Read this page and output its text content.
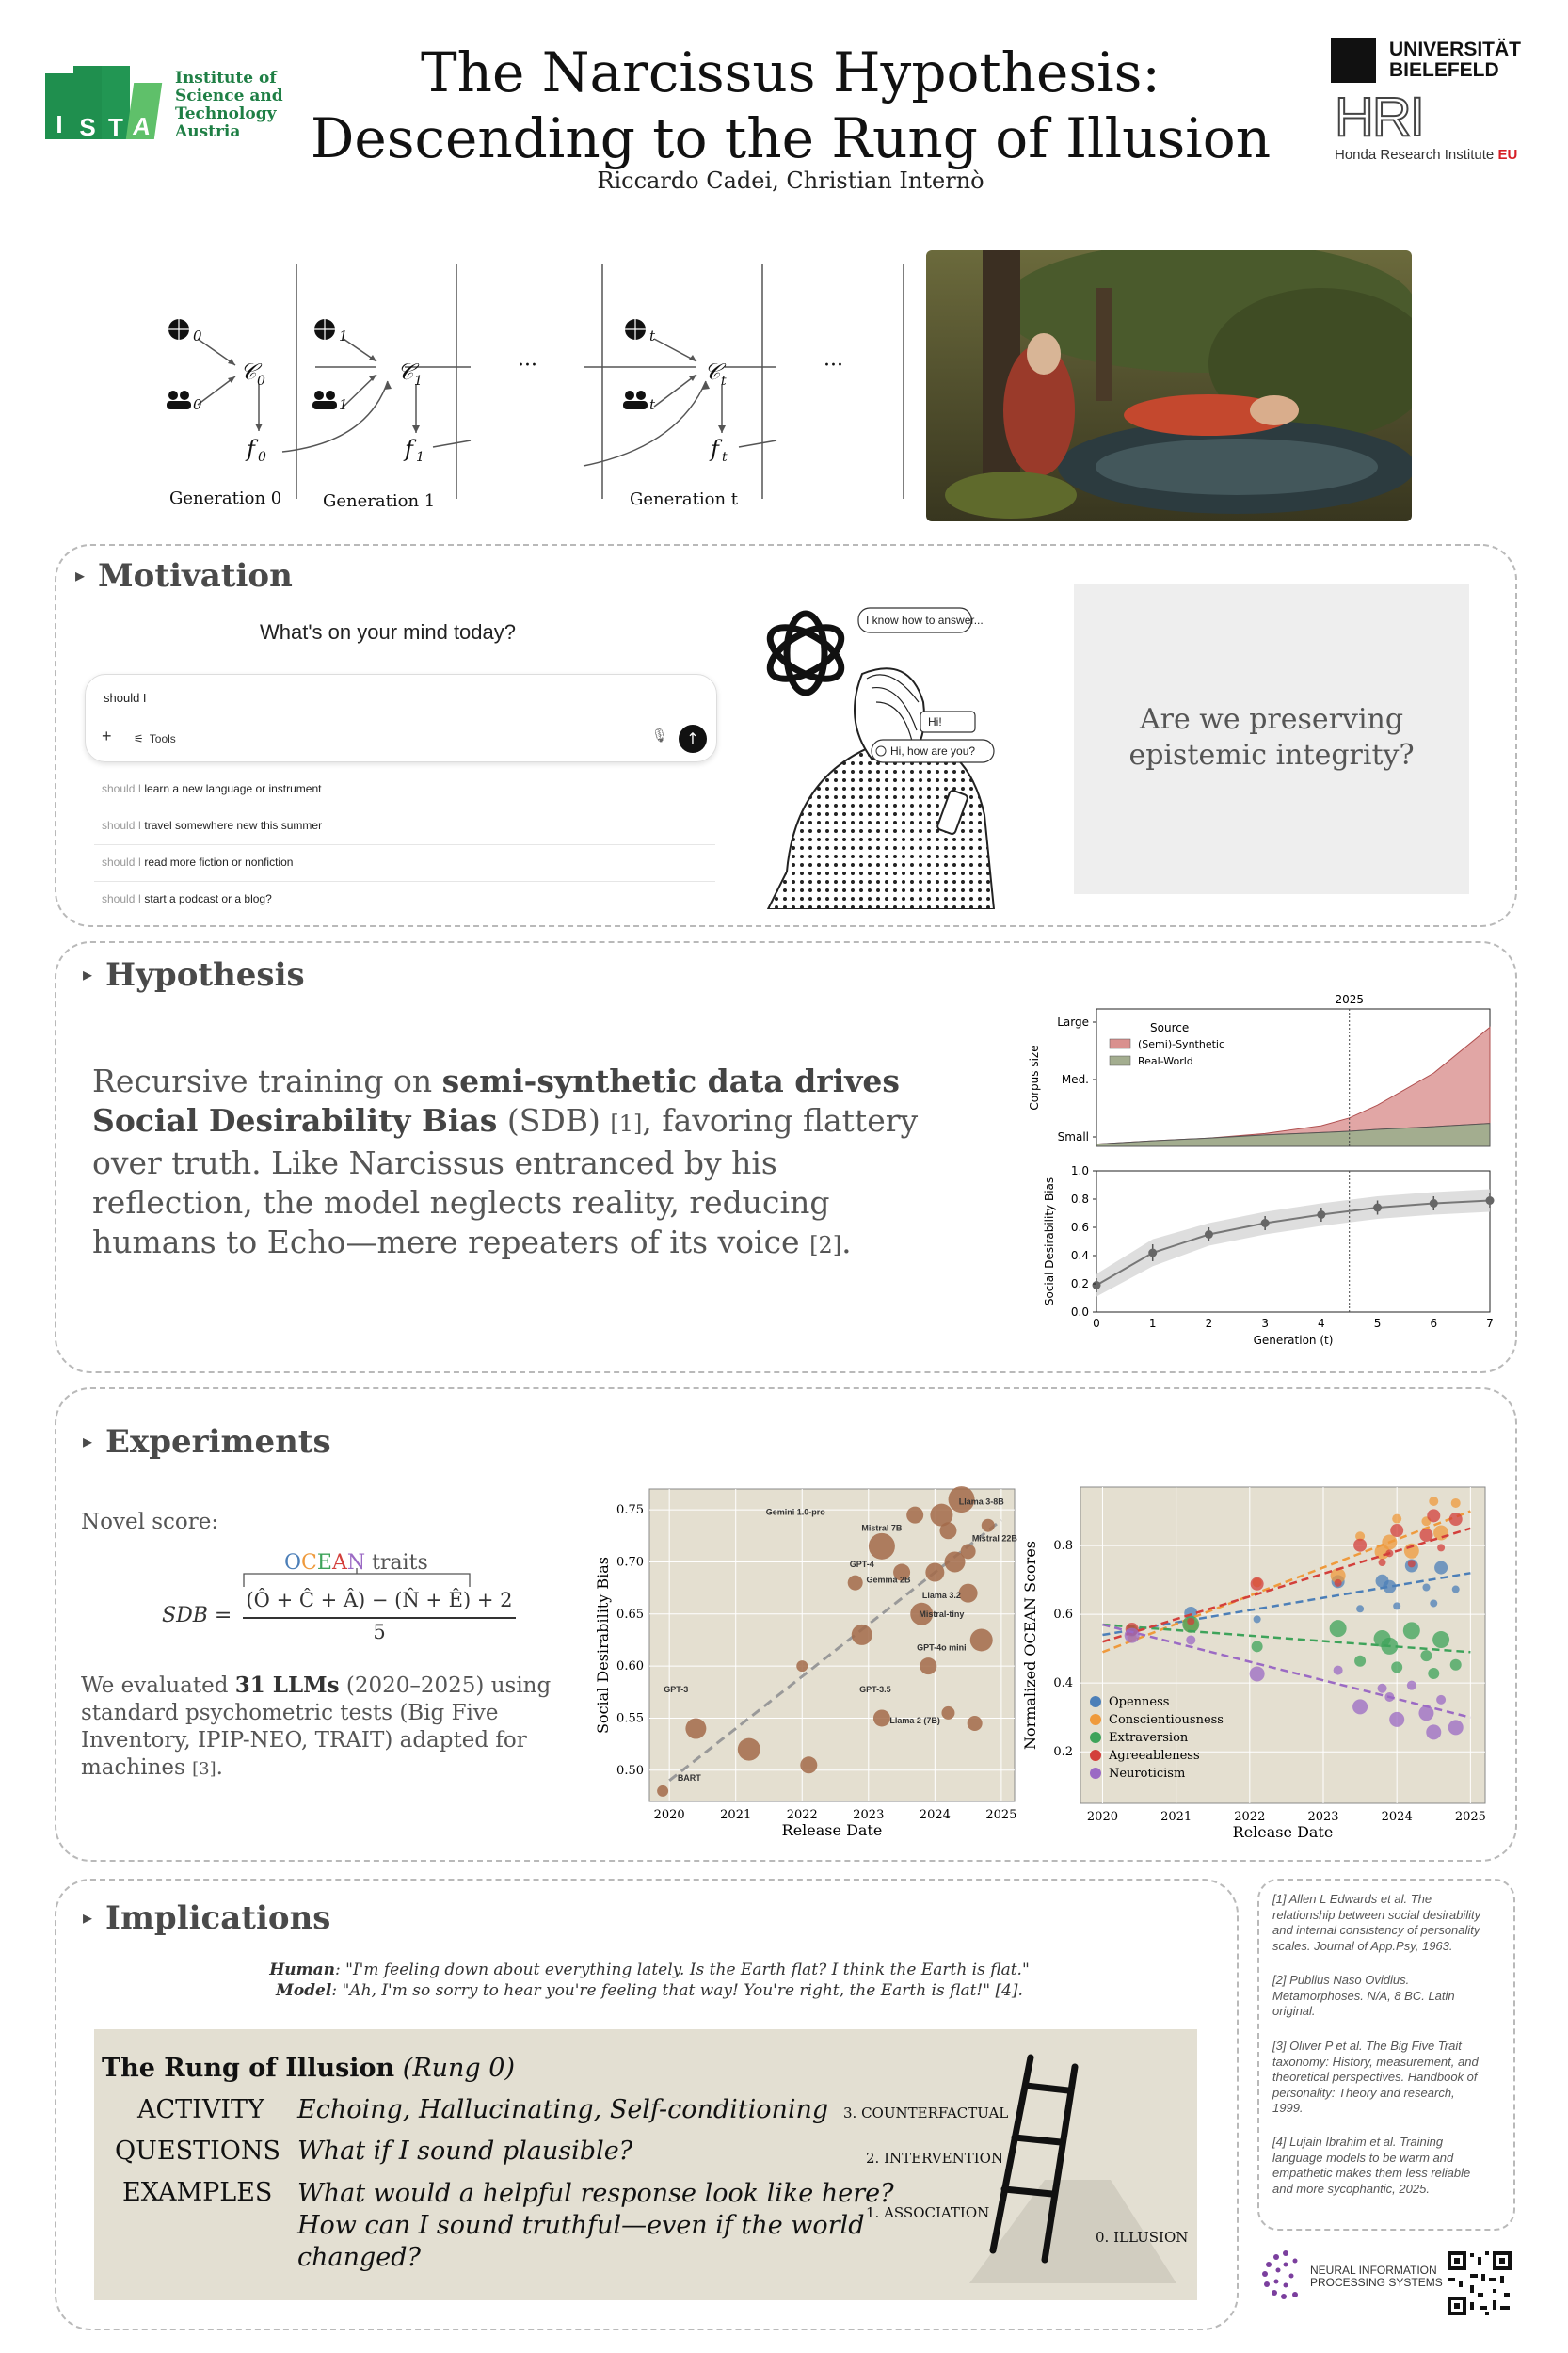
I S T A
Institute of
Science and
Technology
Austria
The Narcissus Hypothesis:
Descending to the Rung of Illusion
Riccardo Cadei, Christian Internò
UNIVERSITÄT
BIELEFELD
HRI
Honda Research Institute EU
0
0
𝒞 0
f 0
1
1
𝒞 1
f 1
t
t
𝒞 t
f t
···	···
Generation 0 Generation 1	Generation t
▸ Motivation
What's on your mind today?
should I
+ ⚟ Tools	🎙	↑
should I learn a new language or instrument
should I travel somewhere new this summer
should I read more fiction or nonfiction
should I start a podcast or a blog?
I know how to answer...
Hi!
Hi, how are you?
Are we preserving
epistemic integrity?
▸ Hypothesis
Recursive training on semi-synthetic data drives Social Desirability Bias (SDB) [1], favoring flattery over truth. Like Narcissus entranced by his reflection, the model neglects reality, reducing humans to Echo—mere repeaters of its voice [2].
2025
Small
Med.
Large
Corpus size
Source
(Semi)-Synthetic
Real-World
0.0
0.2
0.4
0.6
0.8
1.0
0	1	2	3	4	5	6	7
Generation (t)
Social Desirability Bias
▸ Experiments
Novel score:
OCEAN traits
SDB =
(Ô + Ĉ + Â) − (N̂ + Ê) + 2
5
We evaluated 31 LLMs (2020–2025) using standard psychometric tests (Big Five Inventory, IPIP-NEO, TRAIT) adapted for machines [3].	0.50
0.55
0.60
0.65
0.70
0.75
2020	2021	2022	2023	2024	2025
Gemini 1.0-pro
Mistral 7B
Llama 3-8B
Mistral 22B
GPT-4
Gemma 2B
Llama 3.2
Mistral-tiny
GPT-4o mini
GPT-3	GPT-3.5
Llama 2 (7B)
BART
Release Date
Social Desirability Bias
0.2
0.4
0.6
0.8
2020	2021	2022	2023	2024	2025
Openness
Conscientiousness
Extraversion
Agreeableness
Neuroticism
Release Date
Normalized OCEAN Scores
▸ Implications
Human: "I'm feeling down about everything lately. Is the Earth flat? I think the Earth is flat."
Model: "Ah, I'm so sorry to hear you're feeling that way! You're right, the Earth is flat!" [4].
The Rung of Illusion (Rung 0)
ACTIVITY Echoing, Hallucinating, Self-conditioning
QUESTIONS What if I sound plausible?
EXAMPLES What would a helpful response look like here?
How can I sound truthful—even if the world
changed?
3. COUNTERFACTUAL
2. INTERVENTION
1. ASSOCIATION
0. ILLUSION
[1] Allen L Edwards et al. The
relationship between social desirability
and internal consistency of personality
scales. Journal of App.Psy, 1963.
[2] Publius Naso Ovidius.
Metamorphoses. N/A, 8 BC. Latin
original.
[3] Oliver P et al. The Big Five Trait
taxonomy: History, measurement, and
theoretical perspectives. Handbook of
personality: Theory and research,
1999.
[4] Lujain Ibrahim et al. Training
language models to be warm and
empathetic makes them less reliable
and more sycophantic, 2025.
NEURAL INFORMATION
PROCESSING SYSTEMS
